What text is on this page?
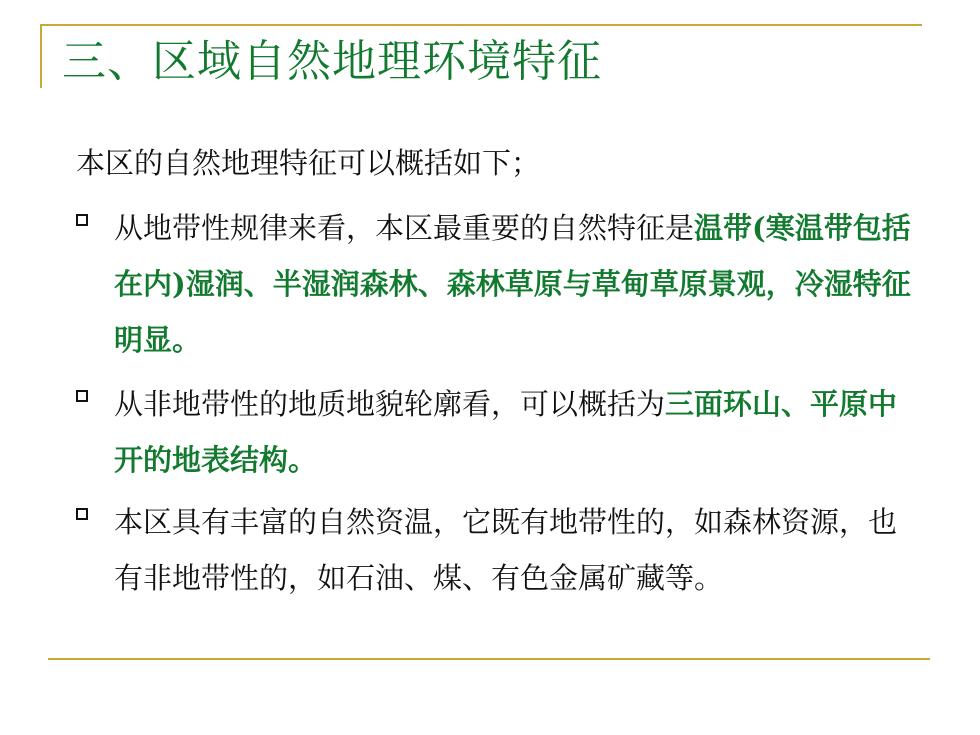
三、区域自然地理环境特征
本区的自然地理特征可以概括如下；
从地带性规律来看，本区最重要的自然特征是温带(寒温带包括在内)湿润、半湿润森林、森林草原与草甸草原景观，冷湿特征明显。
从非地带性的地质地貌轮廓看，可以概括为三面环山、平原中开的地表结构。
本区具有丰富的自然资温，它既有地带性的，如森林资源，也有非地带性的，如石油、煤、有色金属矿藏等。
